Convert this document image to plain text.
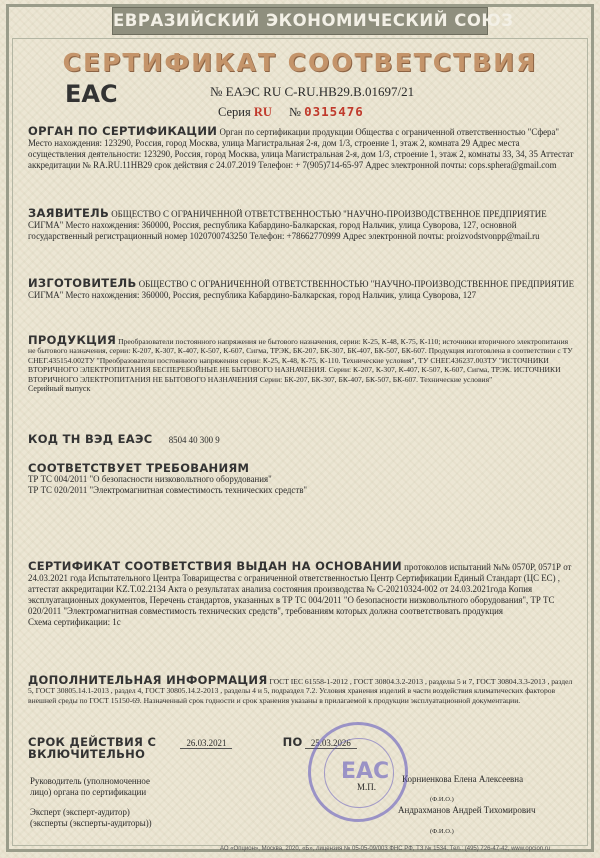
ЕВРАЗИЙСКИЙ ЭКОНОМИЧЕСКИЙ СОЮЗ
СЕРТИФИКАТ СООТВЕТСТВИЯ
EAC	№ ЕАЭС RU C-RU.НВ29.В.01697/21
Серия RU № 0315476
ОРГАН ПО СЕРТИФИКАЦИИ Орган по сертификации продукции Общества с ограниченной ответственностью "Сфера" Место нахождения: 123290, Россия, город Москва, улица Магистральная 2-я, дом 1/3, строение 1, этаж 2, комната 29 Адрес места осуществления деятельности: 123290, Россия, город Москва, улица Магистральная 2-я, дом 1/3, строение 1, этаж 2, комнаты 33, 34, 35 Аттестат аккредитации № RA.RU.11НВ29 срок действия с 24.07.2019 Телефон: + 7(905)714-65-97 Адрес электронной почты: cops.sphera@gmail.com
ЗАЯВИТЕЛЬ ОБЩЕСТВО С ОГРАНИЧЕННОЙ ОТВЕТСТВЕННОСТЬЮ "НАУЧНО-ПРОИЗВОДСТВЕННОЕ ПРЕДПРИЯТИЕ СИГМА" Место нахождения: 360000, Россия, республика Кабардино-Балкарская, город Нальчик, улица Суворова, 127, основной государственный регистрационный номер 1020700743250 Телефон: +78662770999 Адрес электронной почты: proizvodstvonpp@mail.ru
ИЗГОТОВИТЕЛЬ ОБЩЕСТВО С ОГРАНИЧЕННОЙ ОТВЕТСТВЕННОСТЬЮ "НАУЧНО-ПРОИЗВОДСТВЕННОЕ ПРЕДПРИЯТИЕ СИГМА" Место нахождения: 360000, Россия, республика Кабардино-Балкарская, город Нальчик, улица Суворова, 127
ПРОДУКЦИЯ Преобразователи постоянного напряжения не бытового назначения, серии: К-25, К-48, К-75, К-110; источники вторичного электропитания не бытового назначения, серии: К-207, К-307, К-407, К-507, К-607, Сигма, ТРЭК, БК-207, БК-307, БК-407, БК-507, БК-607. Продукция изготовлена в соответствии с ТУ СНЕГ.435154.002ТУ "Преобразователи постоянного напряжения серии: К-25, К-48, К-75, К-110. Технические условия", ТУ СНЕГ.436237.003ТУ "ИСТОЧНИКИ ВТОРИЧНОГО ЭЛЕКТРОПИТАНИЯ БЕСПЕРЕБОЙНЫЕ НЕ БЫТОВОГО НАЗНАЧЕНИЯ. Серии: К-207, К-307, К-407, К-507, К-607, Сигма, ТРЭК. ИСТОЧНИКИ ВТОРИЧНОГО ЭЛЕКТРОПИТАНИЯ НЕ БЫТОВОГО НАЗНАЧЕНИЯ Серии: БК-207, БК-307, БК-407, БК-507, БК-607. Технические условия"
Серийный выпуск
КОД ТН ВЭД ЕАЭС 8504 40 300 9
СООТВЕТСТВУЕТ ТРЕБОВАНИЯМ
ТР ТС 004/2011 "О безопасности низковольтного оборудования"
ТР ТС 020/2011 "Электромагнитная совместимость технических средств"
СЕРТИФИКАТ СООТВЕТСТВИЯ ВЫДАН НА ОСНОВАНИИ протоколов испытаний №№ 0570Р, 0571Р от 24.03.2021 года Испытательного Центра Товарищества с ограниченной ответственностью Центр Сертификации Единый Стандарт (ЦС ЕС) , аттестат аккредитации KZ.T.02.2134 Акта о результатах анализа состояния производства № С-20210324-002 от 24.03.2021года Копия эксплуатационных документов, Перечень стандартов, указанных в ТР ТС 004/2011 "О безопасности низковольтного оборудования", ТР ТС 020/2011 "Электромагнитная совместимость технических средств", требованиям которых должна соответствовать продукция
Схема сертификации: 1с
ДОПОЛНИТЕЛЬНАЯ ИНФОРМАЦИЯ ГОСТ IEC 61558-1-2012 , ГОСТ 30804.3.2-2013 , разделы 5 и 7, ГОСТ 30804.3.3-2013 , раздел 5, ГОСТ 30805.14.1-2013 , раздел 4, ГОСТ 30805.14.2-2013 , разделы 4 и 5, подраздел 7.2. Условия хранения изделий в части воздействия климатических факторов внешней среды по ГОСТ 15150-69. Назначенный срок годности и срок хранения указаны в прилагаемой к продукции эксплуатационной документации.
СРОК ДЕЙСТВИЯ С	26.03.2021	ПО 25.03.2026
ВКЛЮЧИТЕЛЬНО
Руководитель (уполномоченное
лицо) органа по сертификации
Корниенкова Елена Алексеевна
(Ф.И.О.)
М.П.
Эксперт (эксперт-аудитор)
(эксперты (эксперты-аудиторы))
Андрахманов Андрей Тихомирович
(Ф.И.О.)
ЕАС
АО «Опцион», Москва, 2020, «Б», лицензия № 05-05-09/003 ФНС РФ, ТЗ № 1534. Тел.: (495) 726-47-42, www.opcion.ru
